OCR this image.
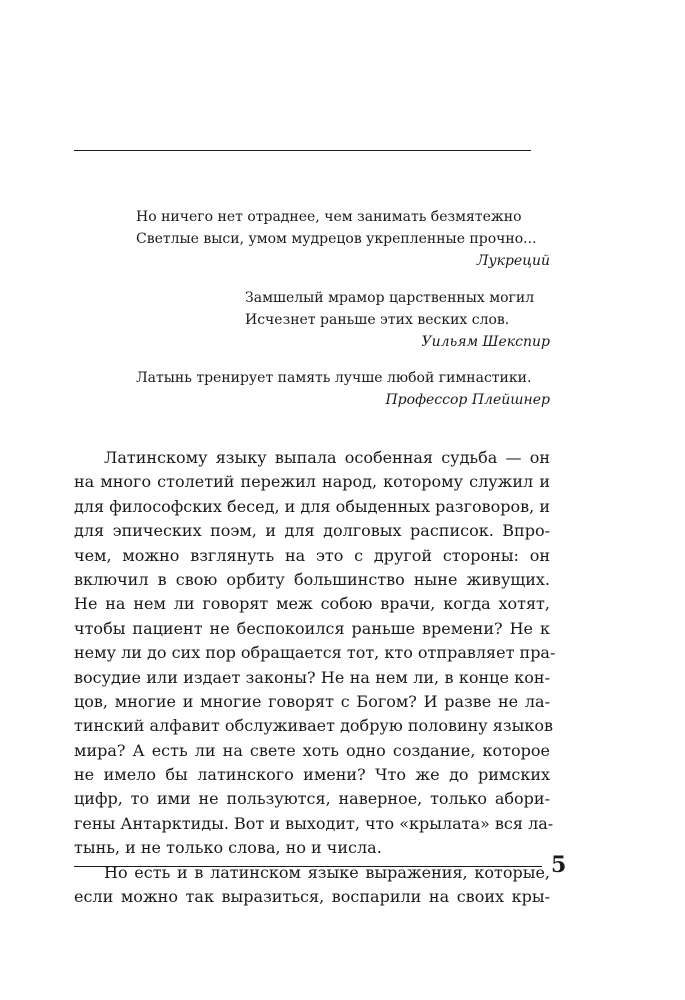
Но ничего нет отраднее, чем занимать безмятежно
Светлые выси, умом мудрецов укрепленные прочно...
Лукреций
Замшелый мрамор царственных могил
Исчезнет раньше этих веских слов.
Уильям Шекспир
Латынь тренирует память лучше любой гимнастики.
Профессор Плейшнер
Латинскому языку выпала особенная судьба — он
на много столетий пережил народ, которому служил и
для философских бесед, и для обыденных разговоров, и
для эпических поэм, и для долговых расписок. Впро-
чем, можно взглянуть на это с другой стороны: он
включил в свою орбиту большинство ныне живущих.
Не на нем ли говорят меж собою врачи, когда хотят,
чтобы пациент не беспокоился раньше времени? Не к
нему ли до сих пор обращается тот, кто отправляет пра-
восудие или издает законы? Не на нем ли, в конце кон-
цов, многие и многие говорят с Богом? И разве не ла-
тинский алфавит обслуживает добрую половину языков
мира? А есть ли на свете хоть одно создание, которое
не имело бы латинского имени? Что же до римских
цифр, то ими не пользуются, наверное, только абори-
гены Антарктиды. Вот и выходит, что «крылата» вся ла-
тынь, и не только слова, но и числа.
Но есть и в латинском языке выражения, которые,
если можно так выразиться, воспарили на своих кры-
5
